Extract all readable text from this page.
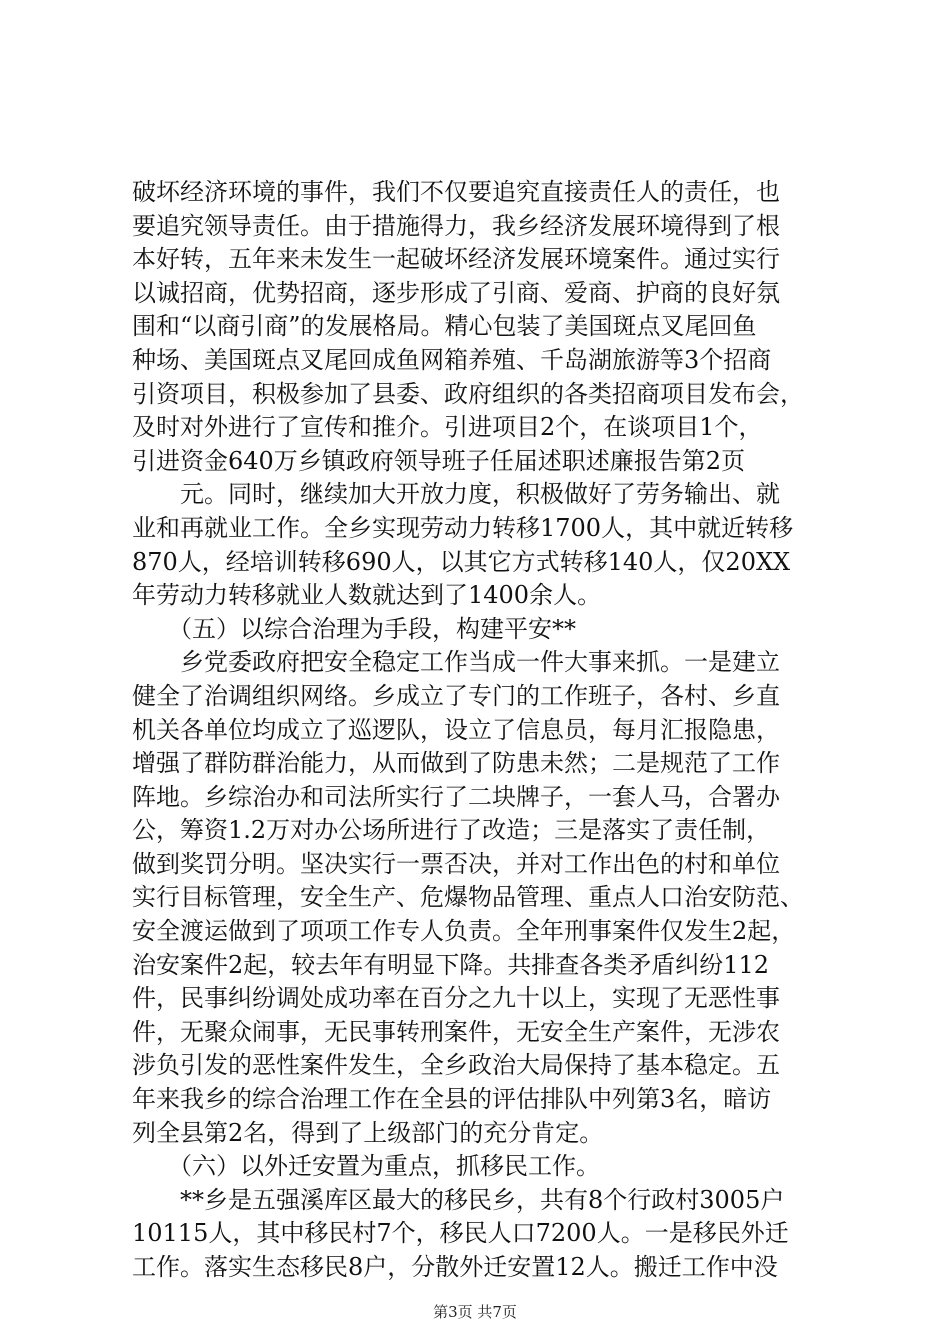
破坏经济环境的事件，我们不仅要追究直接责任人的责任，也
要追究领导责任。由于措施得力，我乡经济发展环境得到了根
本好转，五年来未发生一起破坏经济发展环境案件。通过实行
以诚招商，优势招商，逐步形成了引商、爱商、护商的良好氛
围和“以商引商”的发展格局。精心包装了美国斑点叉尾回鱼
种场、美国斑点叉尾回成鱼网箱养殖、千岛湖旅游等3个招商
引资项目，积极参加了县委、政府组织的各类招商项目发布会，
及时对外进行了宣传和推介。引进项目2个，在谈项目1个，
引进资金640万乡镇政府领导班子任届述职述廉报告第2页
　　元。同时，继续加大开放力度，积极做好了劳务输出、就
业和再就业工作。全乡实现劳动力转移1700人，其中就近转移
870人，经培训转移690人，以其它方式转移140人，仅20XX
年劳动力转移就业人数就达到了1400余人。
　　（五）以综合治理为手段，构建平安**
　　乡党委政府把安全稳定工作当成一件大事来抓。一是建立
健全了治调组织网络。乡成立了专门的工作班子，各村、乡直
机关各单位均成立了巡逻队，设立了信息员，每月汇报隐患，
增强了群防群治能力，从而做到了防患未然；二是规范了工作
阵地。乡综治办和司法所实行了二块牌子，一套人马，合署办
公，筹资1.2万对办公场所进行了改造；三是落实了责任制，
做到奖罚分明。坚决实行一票否决，并对工作出色的村和单位
实行目标管理，安全生产、危爆物品管理、重点人口治安防范、
安全渡运做到了项项工作专人负责。全年刑事案件仅发生2起，
治安案件2起，较去年有明显下降。共排查各类矛盾纠纷112
件，民事纠纷调处成功率在百分之九十以上，实现了无恶性事
件，无聚众闹事，无民事转刑案件，无安全生产案件，无涉农
涉负引发的恶性案件发生，全乡政治大局保持了基本稳定。五
年来我乡的综合治理工作在全县的评估排队中列第3名，暗访
列全县第2名，得到了上级部门的充分肯定。
　　（六）以外迁安置为重点，抓移民工作。
　　**乡是五强溪库区最大的移民乡，共有8个行政村3005户
10115人，其中移民村7个，移民人口7200人。一是移民外迁
工作。落实生态移民8户，分散外迁安置12人。搬迁工作中没
第3页 共7页
